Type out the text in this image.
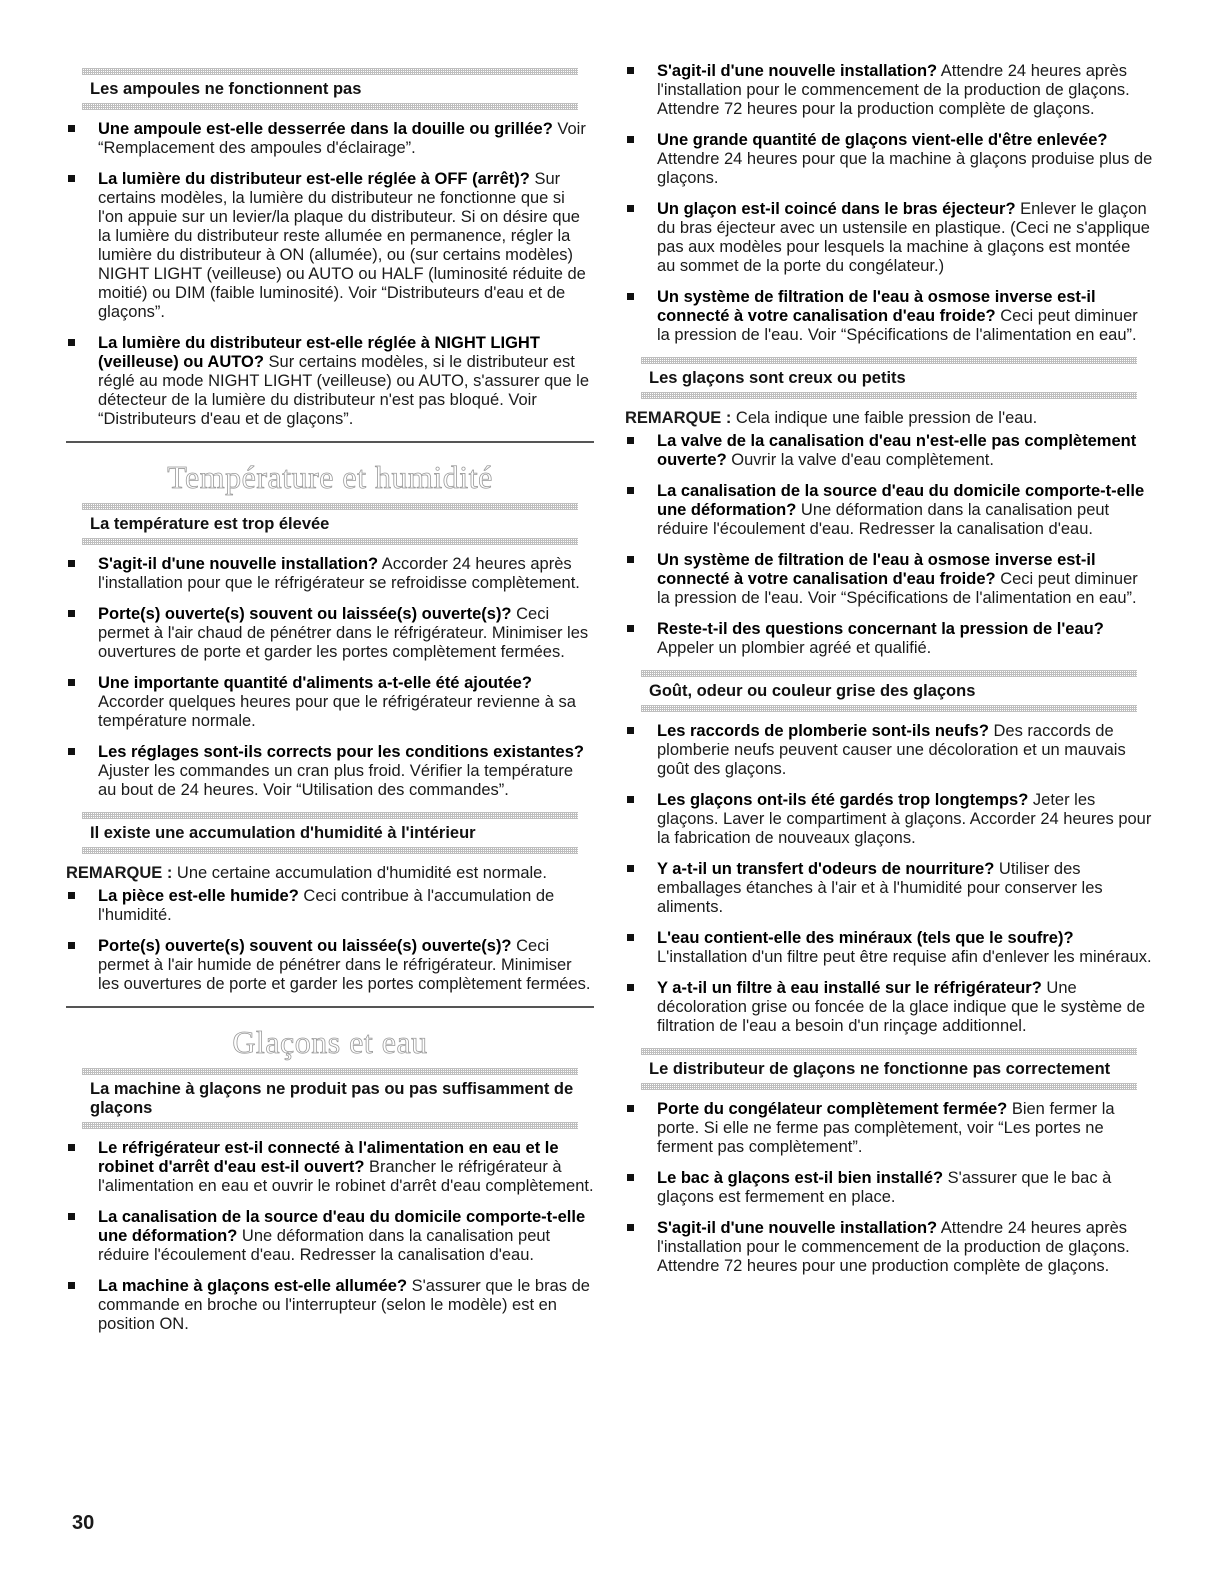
Les ampoules ne fonctionnent pas
Une ampoule est-elle desserrée dans la douille ou grillée? Voir “Remplacement des ampoules d'éclairage”.
La lumière du distributeur est-elle réglée à OFF (arrêt)? Sur certains modèles, la lumière du distributeur ne fonctionne que si l'on appuie sur un levier/la plaque du distributeur. Si on désire que la lumière du distributeur reste allumée en permanence, régler la lumière du distributeur à ON (allumée), ou (sur certains modèles) NIGHT LIGHT (veilleuse) ou AUTO ou HALF (luminosité réduite de moitié) ou DIM (faible luminosité). Voir “Distributeurs d'eau et de glaçons”.
La lumière du distributeur est-elle réglée à NIGHT LIGHT (veilleuse) ou AUTO? Sur certains modèles, si le distributeur est réglé au mode NIGHT LIGHT (veilleuse) ou AUTO, s'assurer que le détecteur de la lumière du distributeur n'est pas bloqué. Voir “Distributeurs d'eau et de glaçons”.
Température et humidité
La température est trop élevée
S'agit-il d'une nouvelle installation? Accorder 24 heures après l'installation pour que le réfrigérateur se refroidisse complètement.
Porte(s) ouverte(s) souvent ou laissée(s) ouverte(s)? Ceci permet à l'air chaud de pénétrer dans le réfrigérateur. Minimiser les ouvertures de porte et garder les portes complètement fermées.
Une importante quantité d'aliments a-t-elle été ajoutée? Accorder quelques heures pour que le réfrigérateur revienne à sa température normale.
Les réglages sont-ils corrects pour les conditions existantes? Ajuster les commandes un cran plus froid. Vérifier la température au bout de 24 heures. Voir “Utilisation des commandes”.
Il existe une accumulation d'humidité à l'intérieur
REMARQUE : Une certaine accumulation d'humidité est normale.
La pièce est-elle humide? Ceci contribue à l'accumulation de l'humidité.
Porte(s) ouverte(s) souvent ou laissée(s) ouverte(s)? Ceci permet à l'air humide de pénétrer dans le réfrigérateur. Minimiser les ouvertures de porte et garder les portes complètement fermées.
Glaçons et eau
La machine à glaçons ne produit pas ou pas suffisamment de glaçons
Le réfrigérateur est-il connecté à l'alimentation en eau et le robinet d'arrêt d'eau est-il ouvert? Brancher le réfrigérateur à l'alimentation en eau et ouvrir le robinet d'arrêt d'eau complètement.
La canalisation de la source d'eau du domicile comporte-t-elle une déformation? Une déformation dans la canalisation peut réduire l'écoulement d'eau. Redresser la canalisation d'eau.
La machine à glaçons est-elle allumée? S'assurer que le bras de commande en broche ou l'interrupteur (selon le modèle) est en position ON.
S'agit-il d'une nouvelle installation? Attendre 24 heures après l'installation pour le commencement de la production de glaçons. Attendre 72 heures pour la production complète de glaçons.
Une grande quantité de glaçons vient-elle d'être enlevée? Attendre 24 heures pour que la machine à glaçons produise plus de glaçons.
Un glaçon est-il coincé dans le bras éjecteur? Enlever le glaçon du bras éjecteur avec un ustensile en plastique. (Ceci ne s'applique pas aux modèles pour lesquels la machine à glaçons est montée au sommet de la porte du congélateur.)
Un système de filtration de l'eau à osmose inverse est-il connecté à votre canalisation d'eau froide? Ceci peut diminuer la pression de l'eau. Voir “Spécifications de l'alimentation en eau”.
Les glaçons sont creux ou petits
REMARQUE : Cela indique une faible pression de l'eau.
La valve de la canalisation d'eau n'est-elle pas complètement ouverte? Ouvrir la valve d'eau complètement.
La canalisation de la source d'eau du domicile comporte-t-elle une déformation? Une déformation dans la canalisation peut réduire l'écoulement d'eau. Redresser la canalisation d'eau.
Un système de filtration de l'eau à osmose inverse est-il connecté à votre canalisation d'eau froide? Ceci peut diminuer la pression de l'eau. Voir “Spécifications de l'alimentation en eau”.
Reste-t-il des questions concernant la pression de l'eau? Appeler un plombier agréé et qualifié.
Goût, odeur ou couleur grise des glaçons
Les raccords de plomberie sont-ils neufs? Des raccords de plomberie neufs peuvent causer une décoloration et un mauvais goût des glaçons.
Les glaçons ont-ils été gardés trop longtemps? Jeter les glaçons. Laver le compartiment à glaçons. Accorder 24 heures pour la fabrication de nouveaux glaçons.
Y a-t-il un transfert d'odeurs de nourriture? Utiliser des emballages étanches à l'air et à l'humidité pour conserver les aliments.
L'eau contient-elle des minéraux (tels que le soufre)? L'installation d'un filtre peut être requise afin d'enlever les minéraux.
Y a-t-il un filtre à eau installé sur le réfrigérateur? Une décoloration grise ou foncée de la glace indique que le système de filtration de l'eau a besoin d'un rinçage additionnel.
Le distributeur de glaçons ne fonctionne pas correctement
Porte du congélateur complètement fermée? Bien fermer la porte. Si elle ne ferme pas complètement, voir “Les portes ne ferment pas complètement”.
Le bac à glaçons est-il bien installé? S'assurer que le bac à glaçons est fermement en place.
S'agit-il d'une nouvelle installation? Attendre 24 heures après l'installation pour le commencement de la production de glaçons. Attendre 72 heures pour une production complète de glaçons.
30
